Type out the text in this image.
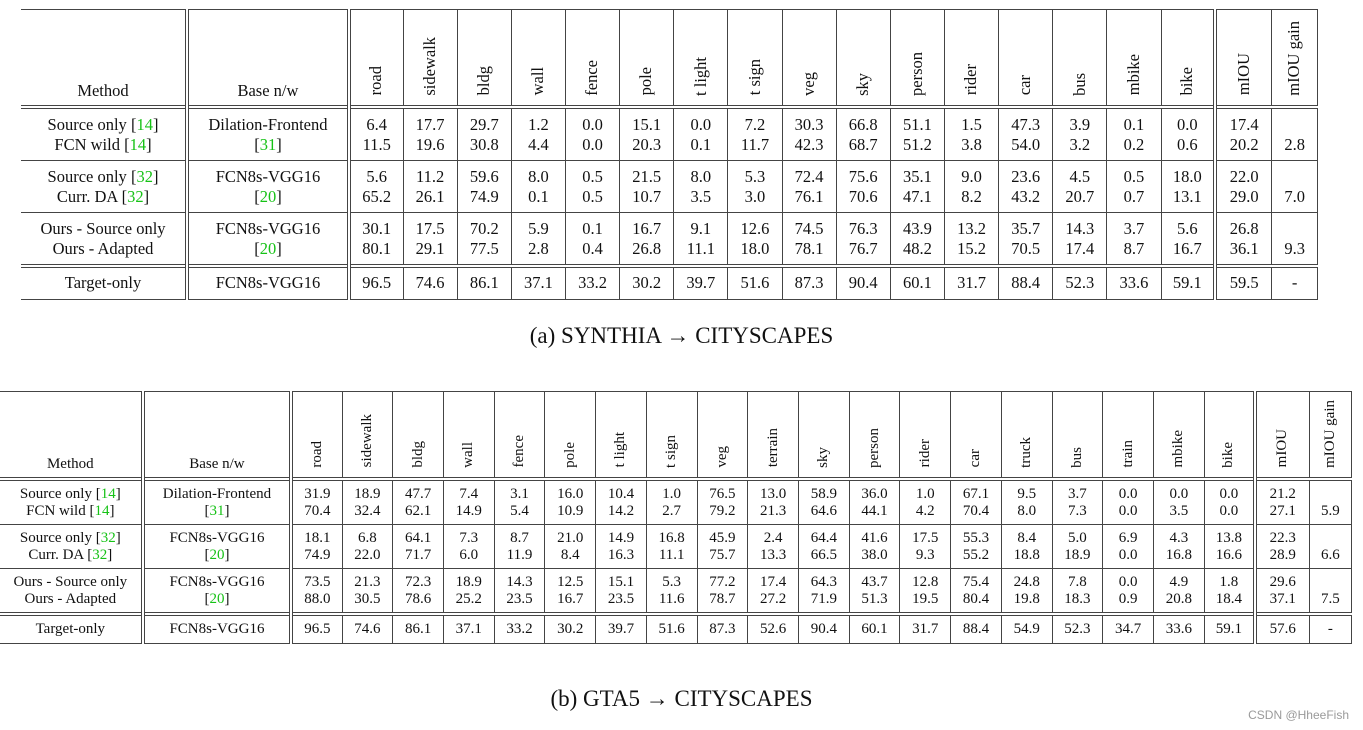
Method	Base n/w	road	sidewalk	bldg	wall	fence	pole	t light	t sign	veg	sky	person	rider	car	bus	mbike	bike	mIOU	mIOU gain
Source only [14]	Dilation-Frontend	6.4	17.7	29.7	1.2	0.0	15.1	0.0	7.2	30.3	66.8	51.1	1.5	47.3	3.9	0.1	0.0	17.4	
FCN wild [14]	[31]	11.5	19.6	30.8	4.4	0.0	20.3	0.1	11.7	42.3	68.7	51.2	3.8	54.0	3.2	0.2	0.6	20.2	2.8
Source only [32]	FCN8s-VGG16	5.6	11.2	59.6	8.0	0.5	21.5	8.0	5.3	72.4	75.6	35.1	9.0	23.6	4.5	0.5	18.0	22.0	
Curr. DA [32]	[20]	65.2	26.1	74.9	0.1	0.5	10.7	3.5	3.0	76.1	70.6	47.1	8.2	43.2	20.7	0.7	13.1	29.0	7.0
Ours - Source only	FCN8s-VGG16	30.1	17.5	70.2	5.9	0.1	16.7	9.1	12.6	74.5	76.3	43.9	13.2	35.7	14.3	3.7	5.6	26.8	
Ours - Adapted	[20]	80.1	29.1	77.5	2.8	0.4	26.8	11.1	18.0	78.1	76.7	48.2	15.2	70.5	17.4	8.7	16.7	36.1	9.3
Target-only	FCN8s-VGG16	96.5	74.6	86.1	37.1	33.2	30.2	39.7	51.6	87.3	90.4	60.1	31.7	88.4	52.3	33.6	59.1	59.5	-
(a) SYNTHIA → CITYSCAPES
Method	Base n/w	road	sidewalk	bldg	wall	fence	pole	t light	t sign	veg	terrain	sky	person	rider	car	truck	bus	train	mbike	bike	mIOU	mIOU gain
Source only [14]	Dilation-Frontend	31.9	18.9	47.7	7.4	3.1	16.0	10.4	1.0	76.5	13.0	58.9	36.0	1.0	67.1	9.5	3.7	0.0	0.0	0.0	21.2	
FCN wild [14]	[31]	70.4	32.4	62.1	14.9	5.4	10.9	14.2	2.7	79.2	21.3	64.6	44.1	4.2	70.4	8.0	7.3	0.0	3.5	0.0	27.1	5.9
Source only [32]	FCN8s-VGG16	18.1	6.8	64.1	7.3	8.7	21.0	14.9	16.8	45.9	2.4	64.4	41.6	17.5	55.3	8.4	5.0	6.9	4.3	13.8	22.3	
Curr. DA [32]	[20]	74.9	22.0	71.7	6.0	11.9	8.4	16.3	11.1	75.7	13.3	66.5	38.0	9.3	55.2	18.8	18.9	0.0	16.8	16.6	28.9	6.6
Ours - Source only	FCN8s-VGG16	73.5	21.3	72.3	18.9	14.3	12.5	15.1	5.3	77.2	17.4	64.3	43.7	12.8	75.4	24.8	7.8	0.0	4.9	1.8	29.6	
Ours - Adapted	[20]	88.0	30.5	78.6	25.2	23.5	16.7	23.5	11.6	78.7	27.2	71.9	51.3	19.5	80.4	19.8	18.3	0.9	20.8	18.4	37.1	7.5
Target-only	FCN8s-VGG16	96.5	74.6	86.1	37.1	33.2	30.2	39.7	51.6	87.3	52.6	90.4	60.1	31.7	88.4	54.9	52.3	34.7	33.6	59.1	57.6	-
(b) GTA5 → CITYSCAPES
CSDN @HheeFish
